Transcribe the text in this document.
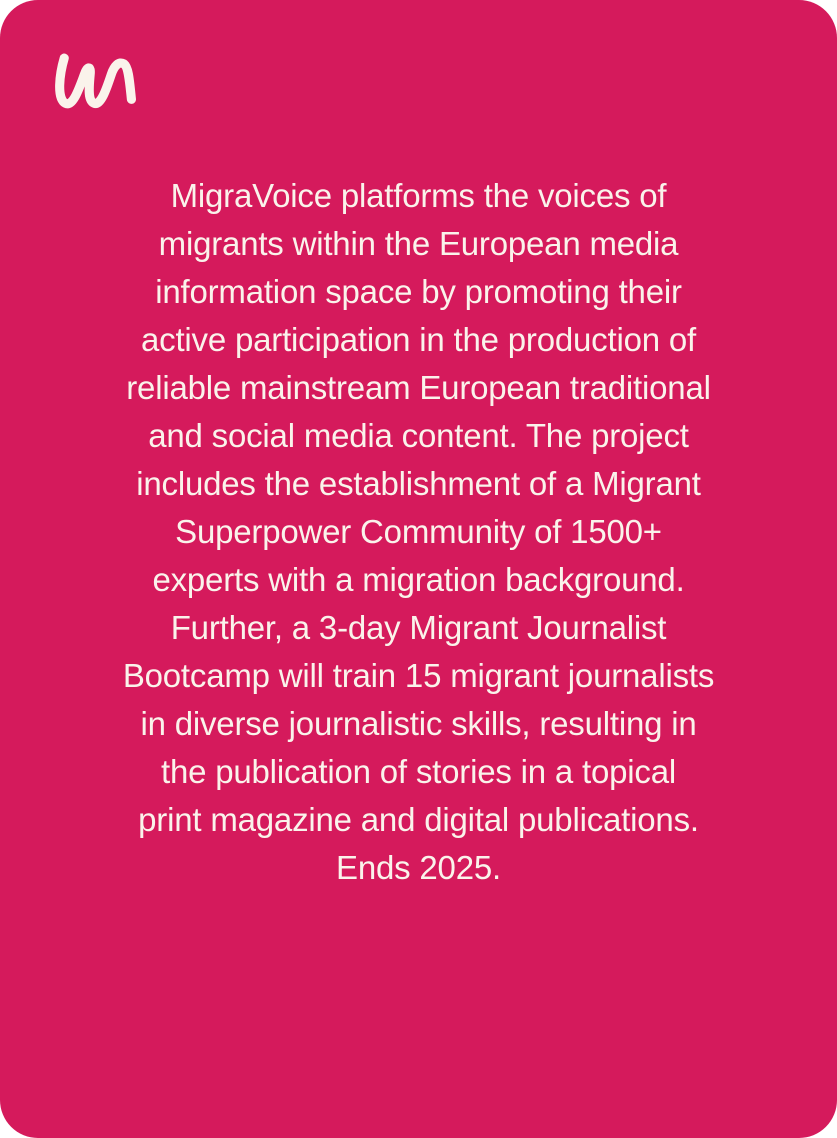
MigraVoice platforms the voices of
migrants within the European media
information space by promoting their
active participation in the production of
reliable mainstream European traditional
and social media content. The project
includes the establishment of a Migrant
Superpower Community of 1500+
experts with a migration background.
Further, a 3-day Migrant Journalist
Bootcamp will train 15 migrant journalists
in diverse journalistic skills, resulting in
the publication of stories in a topical
print magazine and digital publications.
Ends 2025.
